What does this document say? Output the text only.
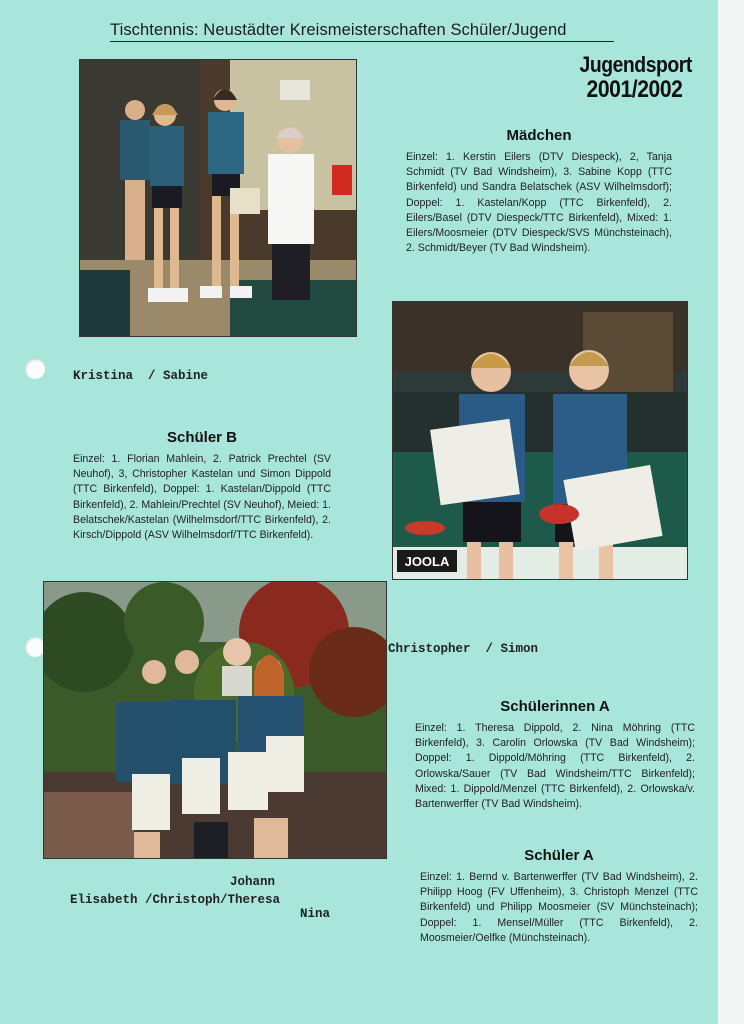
Tischtennis: Neustädter Kreismeisterschaften Schüler/Jugend
Jugendsport
2001/2002
Kristina  / Sabine
Mädchen

Einzel: 1. Kerstin Eilers (DTV Diespeck), 2, Tanja Schmidt (TV Bad Windsheim), 3. Sabine Kopp (TTC Birkenfeld) und Sandra Belatschek (ASV Wilhelmsdorf); Doppel: 1. Kastelan/Kopp (TTC Birkenfeld), 2. Eilers/Basel (DTV Diespeck/TTC Birkenfeld), Mixed: 1. Eilers/Moosmeier (DTV Diespeck/SVS Münchsteinach), 2. Schmidt/Beyer (TV Bad Windsheim).

JOOLA
Schüler B

Einzel: 1. Florian Mahlein, 2. Patrick Prechtel (SV Neuhof), 3, Christopher Kastelan und Simon Dippold (TTC Birkenfeld), Doppel: 1. Kastelan/Dippold (TTC Birkenfeld), 2. Mahlein/Prechtel (SV Neuhof), Meied: 1. Belatschek/Kastelan (Wilhelmsdorf/TTC Birkenfeld), 2. Kirsch/Dippold (ASV Wilhelmsdorf/TTC Birkenfeld).

Christopher  / Simon
Schülerinnen A

Einzel: 1. Theresa Dippold, 2. Nina Möhring (TTC Birkenfeld), 3. Carolin Orlowska (TV Bad Windsheim); Doppel: 1. Dippold/Möhring (TTC Birkenfeld), 2. Orlowska/Sauer (TV Bad Windsheim/TTC Birkenfeld); Mixed: 1. Dippold/Menzel (TTC Birkenfeld), 2. Orlowska/v. Bartenwerffer (TV Bad Windsheim).

Schüler A

Einzel: 1. Bernd v. Bartenwerffer (TV Bad Windsheim), 2. Philipp Hoog (FV Uffenheim), 3. Christoph Menzel (TTC Birkenfeld) und Philipp Moosmeier (SV Münchsteinach); Doppel: 1. Mensel/Müller (TTC Birkenfeld), 2. Moosmeier/Oelfke (Münchsteinach).

Johann
Elisabeth /Christoph/Theresa
Nina
